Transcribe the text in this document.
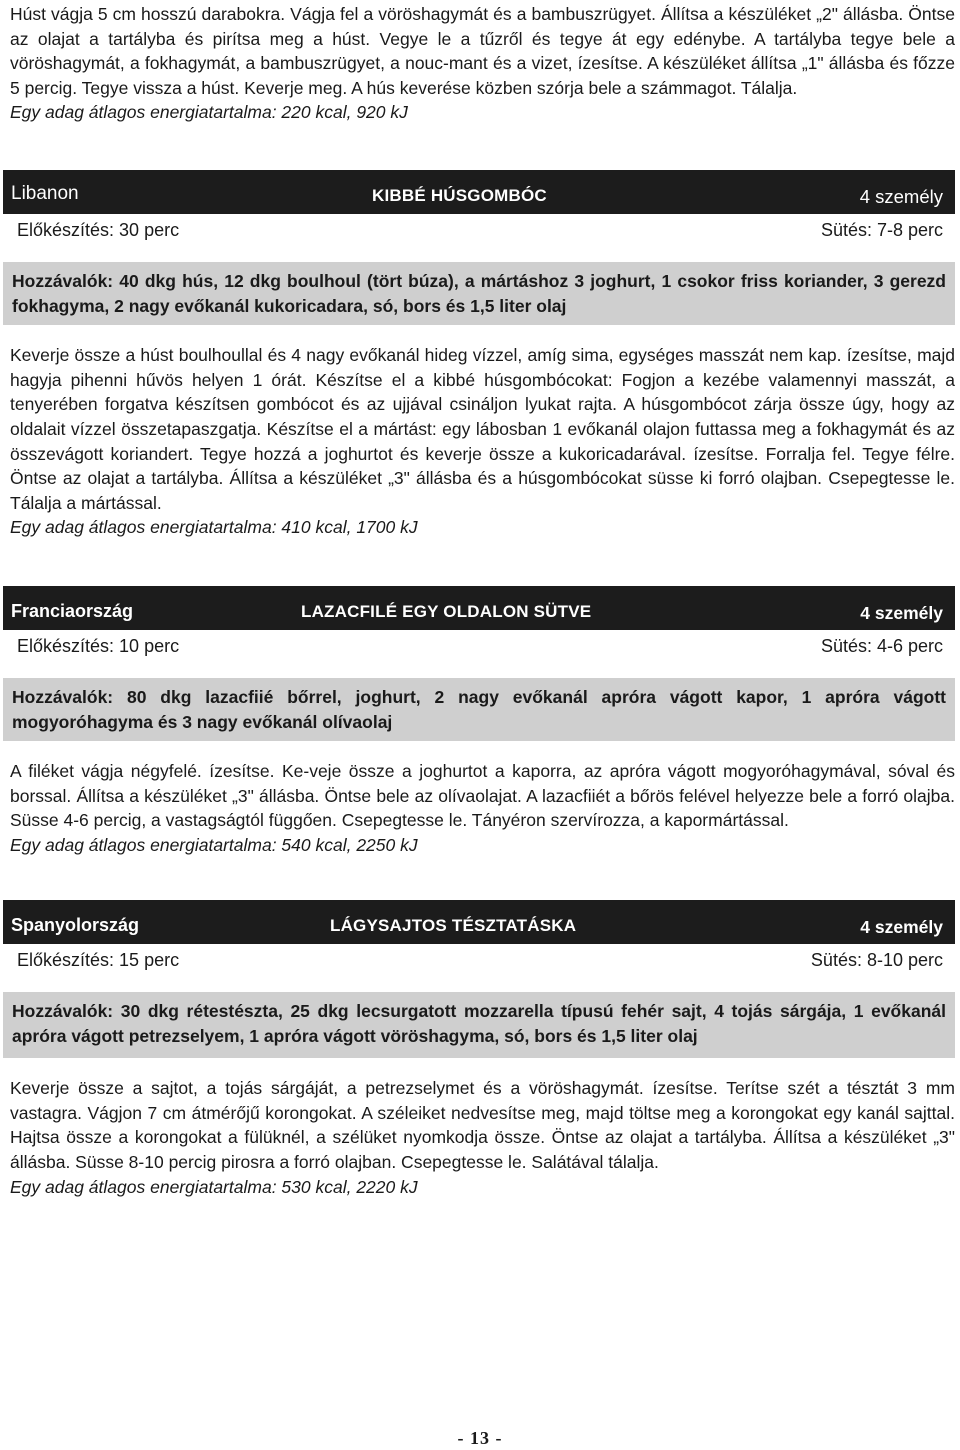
Húst vágja 5 cm hosszú darabokra. Vágja fel a vöröshagymát és a bambuszrügyet. Állítsa a készüléket „2" állásba. Öntse az olajat a tartályba és pirítsa meg a húst. Vegye le a tűzről és tegye át egy edénybe. A tartályba tegye bele a vöröshagymát, a fokhagymát, a bambuszrügyet, a nouc-mant és a vizet, ízesítse. A készüléket állítsa „1" állásba és főzze 5 percig. Tegye vissza a húst. Keverje meg. A hús keverése közben szórja bele a számmagot. Tálalja.

Egy adag átlagos energiatartalma: 220 kcal, 920 kJ

Libanon	KIBBÉ HÚSGOMBÓC	4 személy
Előkészítés: 30 perc	Sütés: 7-8 perc
Hozzávalók: 40 dkg hús, 12 dkg boulhoul (tört búza), a mártáshoz 3 joghurt, 1 csokor friss koriander, 3 gerezd fokhagyma, 2 nagy evőkanál kukoricadara, só, bors és 1,5 liter olaj

Keverje össze a húst boulhoullal és 4 nagy evőkanál hideg vízzel, amíg sima, egységes masszát nem kap. ízesítse, majd hagyja pihenni hűvös helyen 1 órát. Készítse el a kibbé húsgombócokat: Fogjon a kezébe valamennyi masszát, a tenyerében forgatva készítsen gombócot és az ujjával csináljon lyukat rajta. A húsgombócot zárja össze úgy, hogy az oldalait vízzel összetapaszgatja. Készítse el a mártást: egy lábosban 1 evőkanál olajon futtassa meg a fokhagymát és az összevágott koriandert. Tegye hozzá a joghurtot és keverje össze a kukoricadarával. ízesítse. Forralja fel. Tegye félre. Öntse az olajat a tartályba. Állítsa a készüléket „3" állásba és a húsgombócokat süsse ki forró olajban. Csepegtesse le. Tálalja a mártással.

Egy adag átlagos energiatartalma: 410 kcal, 1700 kJ

Franciaország	LAZACFILÉ EGY OLDALON SÜTVE	4 személy
Előkészítés: 10 perc	Sütés: 4-6 perc
Hozzávalók: 80 dkg lazacfiié bőrrel, joghurt, 2 nagy evőkanál apróra vágott kapor, 1 apróra vágott mogyoróhagyma és 3 nagy evőkanál olívaolaj

A filéket vágja négyfelé. ízesítse. Ke-veje össze a joghurtot a kaporra, az apróra vágott mogyoróhagymával, sóval és borssal. Állítsa a készüléket „3" állásba. Öntse bele az olívaolajat. A lazacfiiét a bőrös felével helyezze bele a forró olajba. Süsse 4-6 percig, a vastagságtól függően. Csepegtesse le. Tányéron szervírozza, a kapormártással.

Egy adag átlagos energiatartalma: 540 kcal, 2250 kJ

Spanyolország	LÁGYSAJTOS TÉSZTATÁSKA	4 személy
Előkészítés: 15 perc	Sütés: 8-10 perc
Hozzávalók: 30 dkg rétestészta, 25 dkg lecsurgatott mozzarella típusú fehér sajt, 4 tojás sárgája, 1 evőkanál apróra vágott petrezselyem, 1 apróra vágott vöröshagyma, só, bors és 1,5 liter olaj

Keverje össze a sajtot, a tojás sárgáját, a petrezselymet és a vöröshagymát. ízesítse. Terítse szét a tésztát 3 mm vastagra. Vágjon 7 cm átmérőjű korongokat. A széleiket nedvesítse meg, majd töltse meg a korongokat egy kanál sajttal. Hajtsa össze a korongokat a fülüknél, a szélüket nyomkodja össze. Öntse az olajat a tartályba. Állítsa a készüléket „3" állásba. Süsse 8-10 percig pirosra a forró olajban. Csepegtesse le. Salátával tálalja.

Egy adag átlagos energiatartalma: 530 kcal, 2220 kJ

- 13 -
